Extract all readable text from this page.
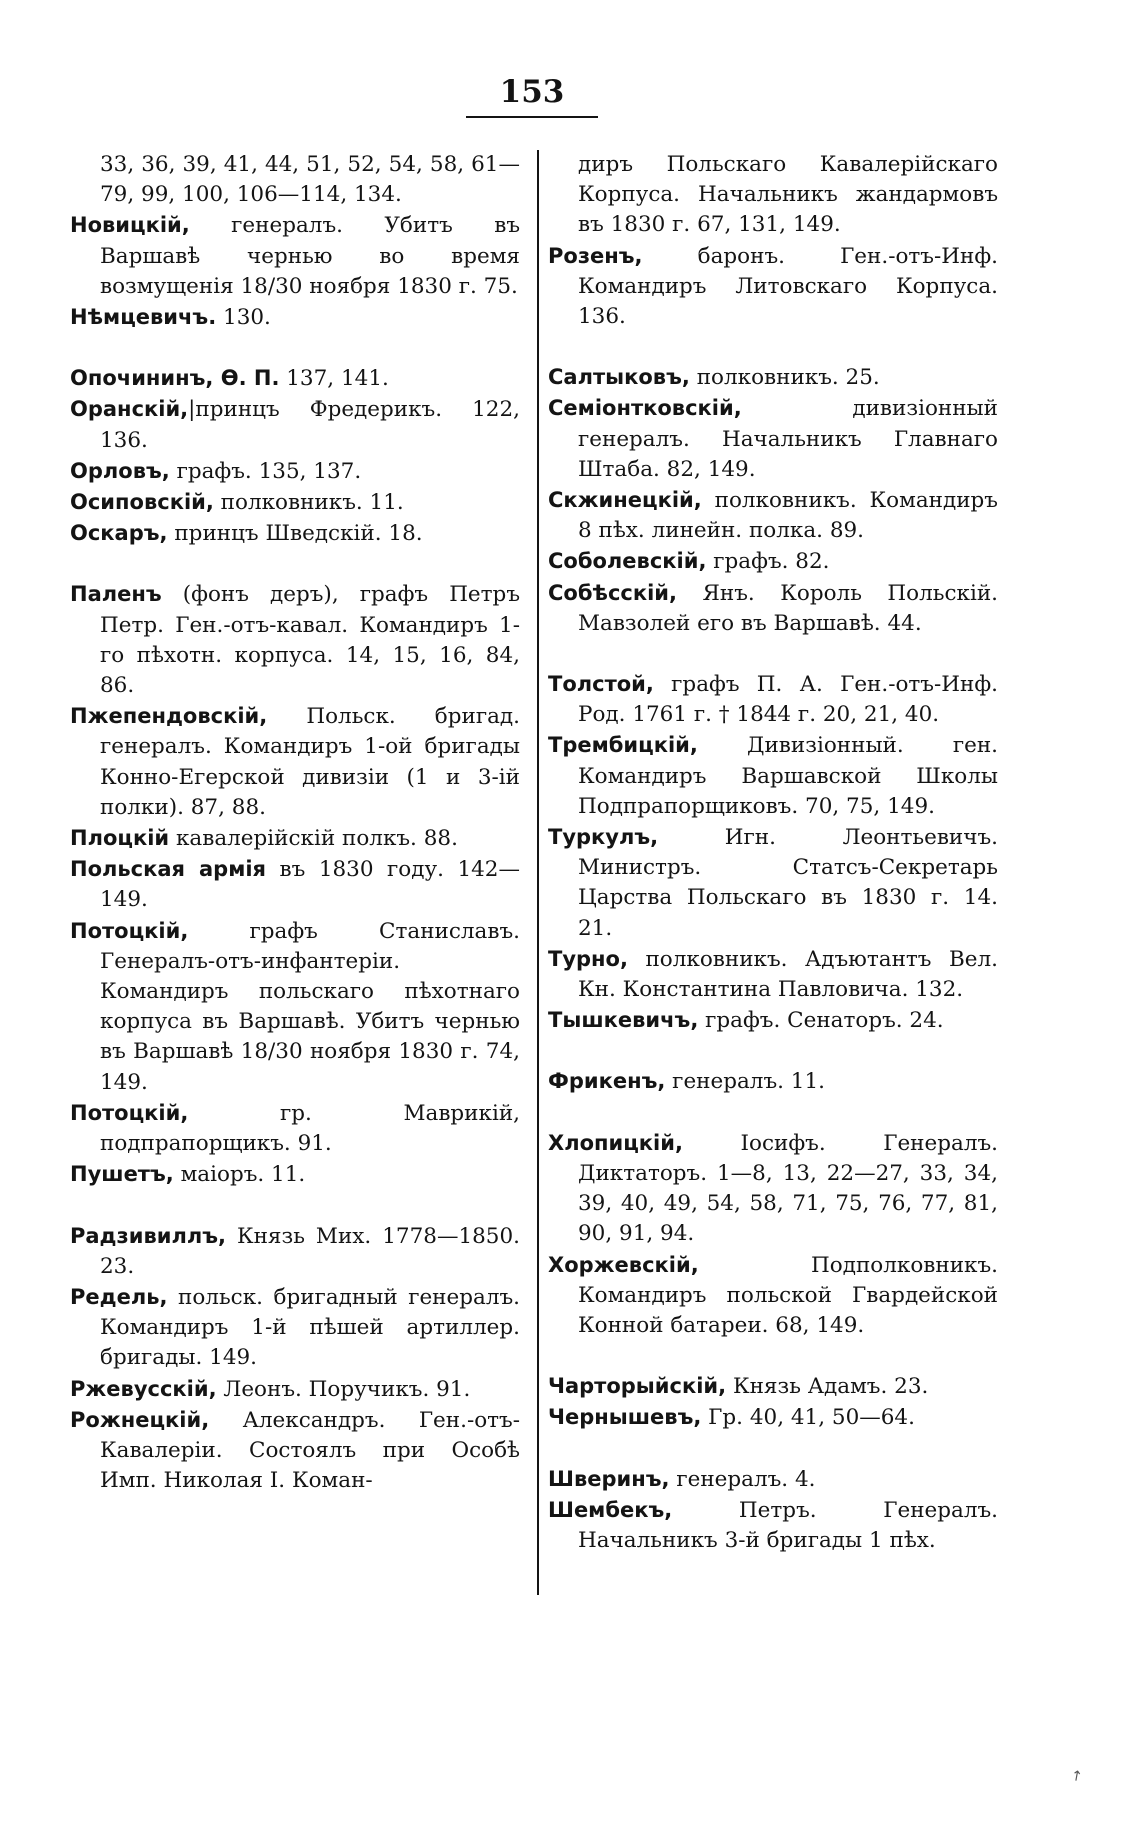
153

33, 36, 39, 41, 44, 51, 52, 54, 58, 61—79, 99, 100, 106—114, 134.

Новицкій, генералъ. Убитъ въ Варшавѣ чернью во время возмущенія 18/30 ноября 1830 г. 75.

Нѣмцевичъ. 130.

Опочининъ, Ѳ. П. 137, 141.

Оранскій,|принцъ Фредерикъ. 122, 136.

Орловъ, графъ. 135, 137.

Осиповскій, полковникъ. 11.

Оскаръ, принцъ Шведскій. 18.

Паленъ (фонъ деръ), графъ Петръ Петр. Ген.-отъ-кавал. Командиръ 1-го пѣхотн. корпуса. 14, 15, 16, 84, 86.

Пжепендовскій, Польск. бригад. генералъ. Командиръ 1-ой бригады Конно-Егерской дивизіи (1 и 3-ій полки). 87, 88.

Плоцкій кавалерійскій полкъ. 88.

Польская армія въ 1830 году. 142—149.

Потоцкій, графъ Станиславъ. Генералъ-отъ-инфантеріи. Командиръ польскаго пѣхотнаго корпуса въ Варшавѣ. Убитъ чернью въ Варшавѣ 18/30 ноября 1830 г. 74, 149.

Потоцкій, гр. Маврикій, подпрапорщикъ. 91.

Пушетъ, маіоръ. 11.

Радзивиллъ, Князь Мих. 1778—1850. 23.

Редель, польск. бригадный генералъ. Командиръ 1-й пѣшей артиллер. бригады. 149.

Ржевусскій, Леонъ. Поручикъ. 91.

Рожнецкій, Александръ. Ген.-отъ-Кавалеріи. Состоялъ при Особѣ Имп. Николая I. Коман-

диръ Польскаго Кавалерійскаго Корпуса. Начальникъ жандармовъ въ 1830 г. 67, 131, 149.

Розенъ, баронъ. Ген.-отъ-Инф. Командиръ Литовскаго Корпуса. 136.

Салтыковъ, полковникъ. 25.

Семіонтковскій, дивизіонный генералъ. Начальникъ Главнаго Штаба. 82, 149.

Скжинецкій, полковникъ. Командиръ 8 пѣх. линейн. полка. 89.

Соболевскій, графъ. 82.

Собѣсскій, Янъ. Король Польскій. Мавзолей его въ Варшавѣ. 44.

Толстой, графъ П. А. Ген.-отъ-Инф. Род. 1761 г. † 1844 г. 20, 21, 40.

Трембицкій, Дивизіонный. ген. Командиръ Варшавской Школы Подпрапорщиковъ. 70, 75, 149.

Туркулъ, Игн. Леонтьевичъ. Министръ. Статсъ-Секретарь Царства Польскаго въ 1830 г. 14. 21.

Турно, полковникъ. Адъютантъ Вел. Кн. Константина Павловича. 132.

Тышкевичъ, графъ. Сенаторъ. 24.

Фрикенъ, генералъ. 11.

Хлопицкій, Іосифъ. Генералъ. Диктаторъ. 1—8, 13, 22—27, 33, 34, 39, 40, 49, 54, 58, 71, 75, 76, 77, 81, 90, 91, 94.

Хоржевскій, Подполковникъ. Командиръ польской Гвардейской Конной батареи. 68, 149.

Чарторыйскій, Князь Адамъ. 23.

Чернышевъ, Гр. 40, 41, 50—64.

Шверинъ, генералъ. 4.

Шембекъ, Петръ. Генералъ. Начальникъ 3-й бригады 1 пѣх.

↗
